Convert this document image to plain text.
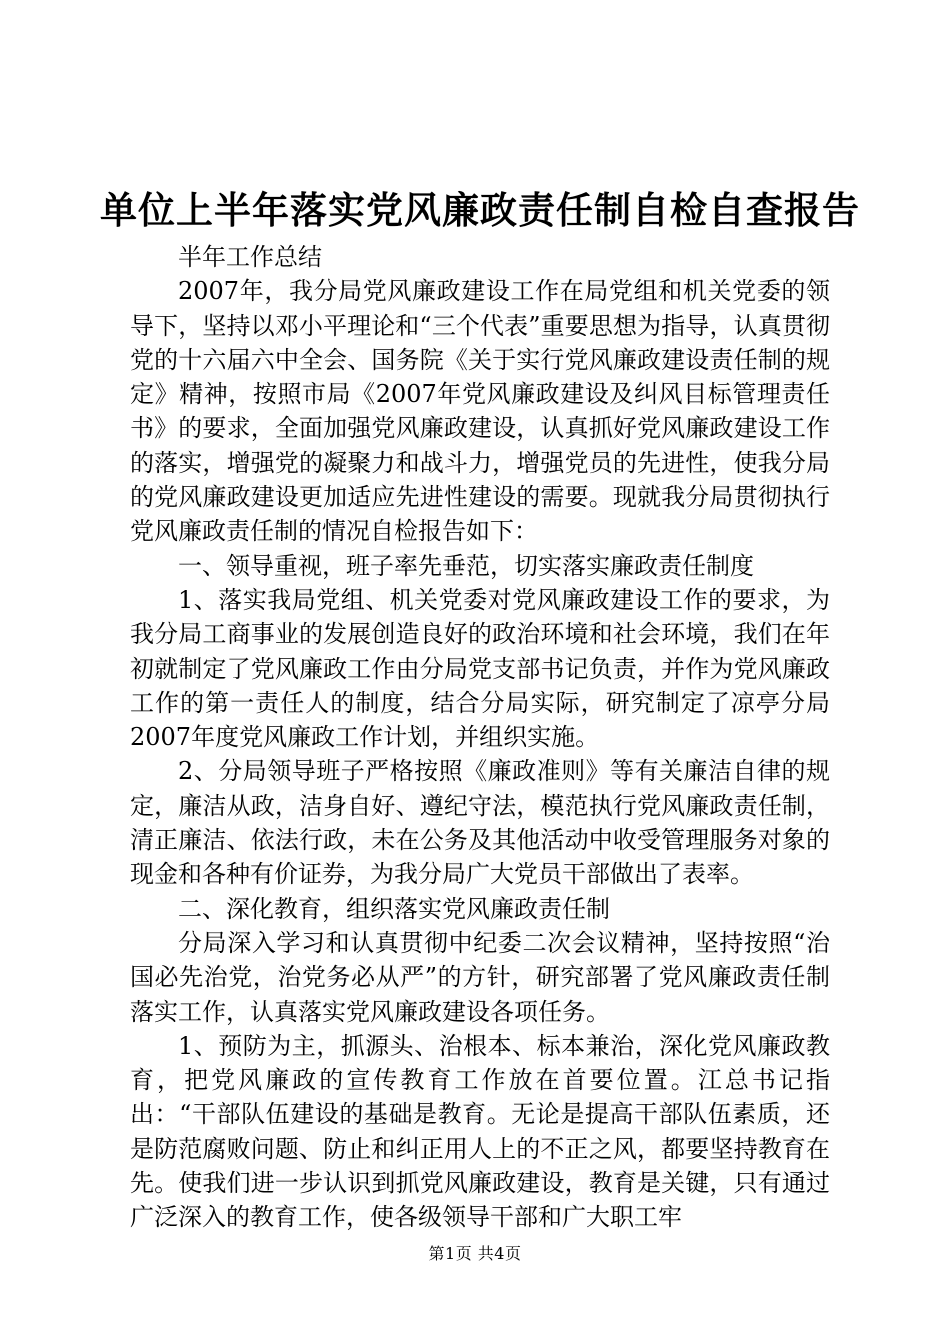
单位上半年落实党风廉政责任制自检自查报告

半年工作总结

2007年，我分局党风廉政建设工作在局党组和机关党委的领导下，坚持以邓小平理论和“三个代表”重要思想为指导，认真贯彻党的十六届六中全会、国务院《关于实行党风廉政建设责任制的规定》精神，按照市局《2007年党风廉政建设及纠风目标管理责任书》的要求，全面加强党风廉政建设，认真抓好党风廉政建设工作的落实，增强党的凝聚力和战斗力，增强党员的先进性，使我分局的党风廉政建设更加适应先进性建设的需要。现就我分局贯彻执行党风廉政责任制的情况自检报告如下：

一、领导重视，班子率先垂范，切实落实廉政责任制度

1、落实我局党组、机关党委对党风廉政建设工作的要求，为我分局工商事业的发展创造良好的政治环境和社会环境，我们在年初就制定了党风廉政工作由分局党支部书记负责，并作为党风廉政工作的第一责任人的制度，结合分局实际，研究制定了凉亭分局2007年度党风廉政工作计划，并组织实施。

2、分局领导班子严格按照《廉政准则》等有关廉洁自律的规定，廉洁从政，洁身自好、遵纪守法，模范执行党风廉政责任制，清正廉洁、依法行政，未在公务及其他活动中收受管理服务对象的现金和各种有价证券，为我分局广大党员干部做出了表率。

二、深化教育，组织落实党风廉政责任制

分局深入学习和认真贯彻中纪委二次会议精神，坚持按照“治国必先治党，治党务必从严”的方针，研究部署了党风廉政责任制落实工作，认真落实党风廉政建设各项任务。

1、预防为主，抓源头、治根本、标本兼治，深化党风廉政教育，把党风廉政的宣传教育工作放在首要位置。江总书记指出：“干部队伍建设的基础是教育。无论是提高干部队伍素质，还是防范腐败问题、防止和纠正用人上的不正之风，都要坚持教育在先。使我们进一步认识到抓党风廉政建设，教育是关键，只有通过广泛深入的教育工作，使各级领导干部和广大职工牢

第1页 共4页
